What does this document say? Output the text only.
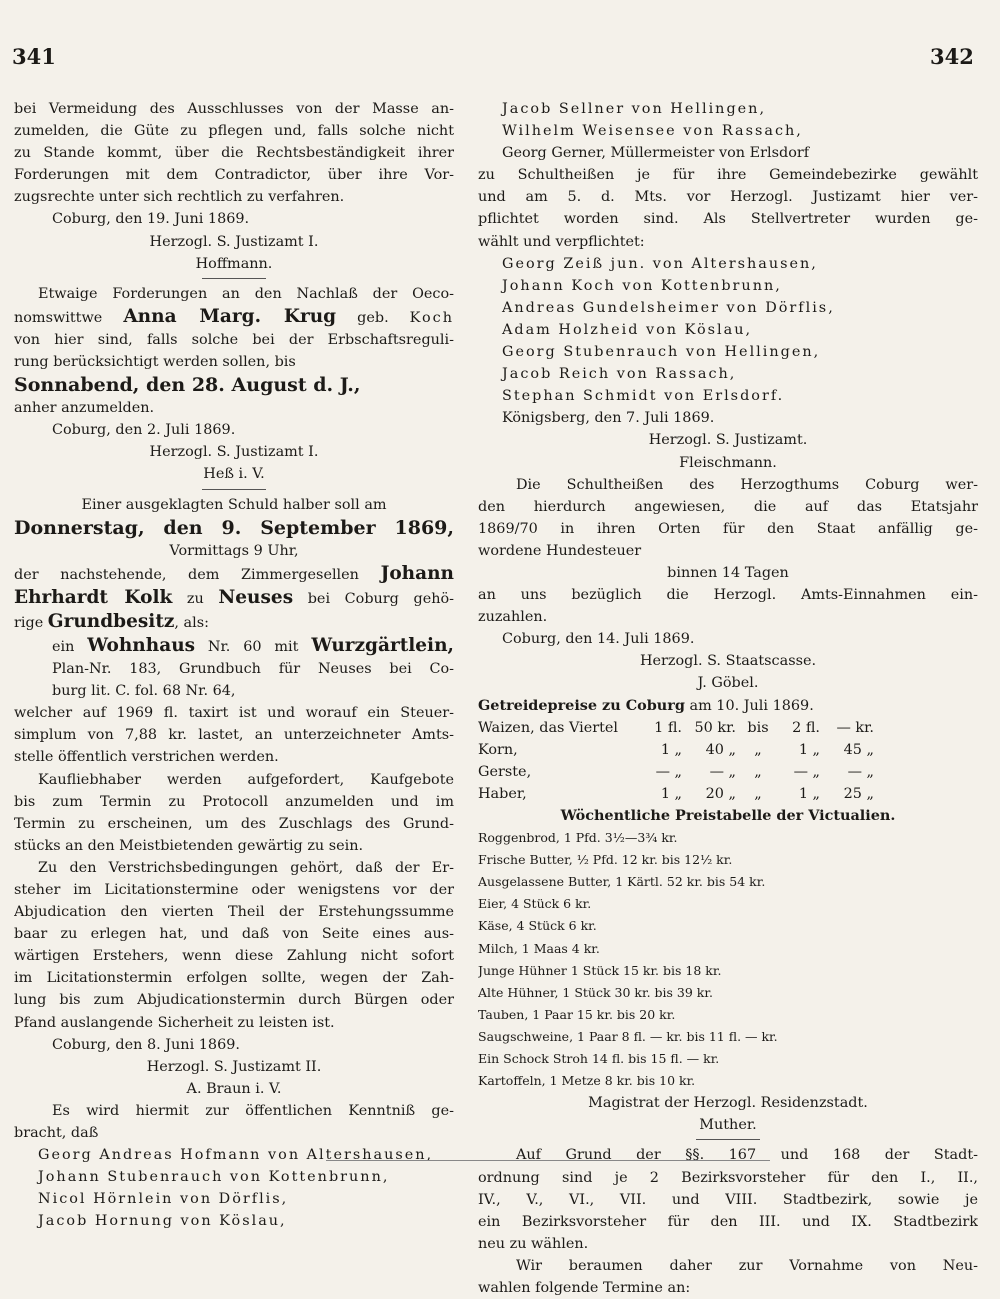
341	342
bei Vermeidung des Ausschlusses von der Masse an-
zumelden, die Güte zu pflegen und, falls solche nicht
zu Stande kommt, über die Rechtsbeständigkeit ihrer
Forderungen mit dem Contradictor, über ihre Vor-
zugsrechte unter sich rechtlich zu verfahren.
Coburg, den 19. Juni 1869.
Herzogl. S. Justizamt I.
Hoffmann.
Etwaige Forderungen an den Nachlaß der Oeco-
nomswittwe Anna Marg. Krug geb. Koch
von hier sind, falls solche bei der Erbschaftsreguli-
rung berücksichtigt werden sollen, bis
Sonnabend, den 28. August d. J.,
anher anzumelden.
Coburg, den 2. Juli 1869.
Herzogl. S. Justizamt I.
Heß i. V.
Einer ausgeklagten Schuld halber soll am
Donnerstag, den 9. September 1869,
Vormittags 9 Uhr,
der nachstehende, dem Zimmergesellen Johann
Ehrhardt Kolk zu Neuses bei Coburg gehö-
rige Grundbesitz, als:
ein Wohnhaus Nr. 60 mit Wurzgärtlein,
Plan-Nr. 183, Grundbuch für Neuses bei Co-
burg lit. C. fol. 68 Nr. 64,
welcher auf 1969 fl. taxirt ist und worauf ein Steuer-
simplum von 7,88 kr. lastet, an unterzeichneter Amts-
stelle öffentlich verstrichen werden.
Kaufliebhaber werden aufgefordert, Kaufgebote
bis zum Termin zu Protocoll anzumelden und im
Termin zu erscheinen, um des Zuschlags des Grund-
stücks an den Meistbietenden gewärtig zu sein.
Zu den Verstrichsbedingungen gehört, daß der Er-
steher im Licitationstermine oder wenigstens vor der
Abjudication den vierten Theil der Erstehungssumme
baar zu erlegen hat, und daß von Seite eines aus-
wärtigen Erstehers, wenn diese Zahlung nicht sofort
im Licitationstermin erfolgen sollte, wegen der Zah-
lung bis zum Abjudicationstermin durch Bürgen oder
Pfand auslangende Sicherheit zu leisten ist.
Coburg, den 8. Juni 1869.
Herzogl. S. Justizamt II.
A. Braun i. V.
Es wird hiermit zur öffentlichen Kenntniß ge-
bracht, daß
Georg Andreas Hofmann von Altershausen,
Johann Stubenrauch von Kottenbrunn,
Nicol Hörnlein von Dörflis,
Jacob Hornung von Köslau,
Jacob Sellner von Hellingen,
Wilhelm Weisensee von Rassach,
Georg Gerner, Müllermeister von Erlsdorf
zu Schultheißen je für ihre Gemeindebezirke gewählt
und am 5. d. Mts. vor Herzogl. Justizamt hier ver-
pflichtet worden sind. Als Stellvertreter wurden ge-
wählt und verpflichtet:
Georg Zeiß jun. von Altershausen,
Johann Koch von Kottenbrunn,
Andreas Gundelsheimer von Dörflis,
Adam Holzheid von Köslau,
Georg Stubenrauch von Hellingen,
Jacob Reich von Rassach,
Stephan Schmidt von Erlsdorf.
Königsberg, den 7. Juli 1869.
Herzogl. S. Justizamt.
Fleischmann.
Die Schultheißen des Herzogthums Coburg wer-
den hierdurch angewiesen, die auf das Etatsjahr
1869/70 in ihren Orten für den Staat anfällig ge-
wordene Hundesteuer
binnen 14 Tagen
an uns bezüglich die Herzogl. Amts-Einnahmen ein-
zuzahlen.
Coburg, den 14. Juli 1869.
Herzogl. S. Staatscasse.
J. Göbel.
Getreidepreise zu Coburg am 10. Juli 1869.
Waizen, das Viertel	1 fl. 50 kr. bis	2 fl.	— kr.
Korn,	1 „	40 „	„	1 „	45 „
Gerste,	— „	— „	„	— „	— „
Haber,	1 „	20 „	„	1 „	25 „
Wöchentliche Preistabelle der Victualien.
Roggenbrod, 1 Pfd. 3½—3¾ kr.
Frische Butter, ½ Pfd. 12 kr. bis 12½ kr.
Ausgelassene Butter, 1 Kärtl. 52 kr. bis 54 kr.
Eier, 4 Stück 6 kr.
Käse, 4 Stück 6 kr.
Milch, 1 Maas 4 kr.
Junge Hühner 1 Stück 15 kr. bis 18 kr.
Alte Hühner, 1 Stück 30 kr. bis 39 kr.
Tauben, 1 Paar 15 kr. bis 20 kr.
Saugschweine, 1 Paar 8 fl. — kr. bis 11 fl. — kr.
Ein Schock Stroh 14 fl. bis 15 fl. — kr.
Kartoffeln, 1 Metze 8 kr. bis 10 kr.
Magistrat der Herzogl. Residenzstadt.
Muther.
Auf Grund der §§. 167 und 168 der Stadt-
ordnung sind je 2 Bezirksvorsteher für den I., II.,
IV., V., VI., VII. und VIII. Stadtbezirk, sowie je
ein Bezirksvorsteher für den III. und IX. Stadtbezirk
neu zu wählen.
Wir beraumen daher zur Vornahme von Neu-
wahlen folgende Termine an:
